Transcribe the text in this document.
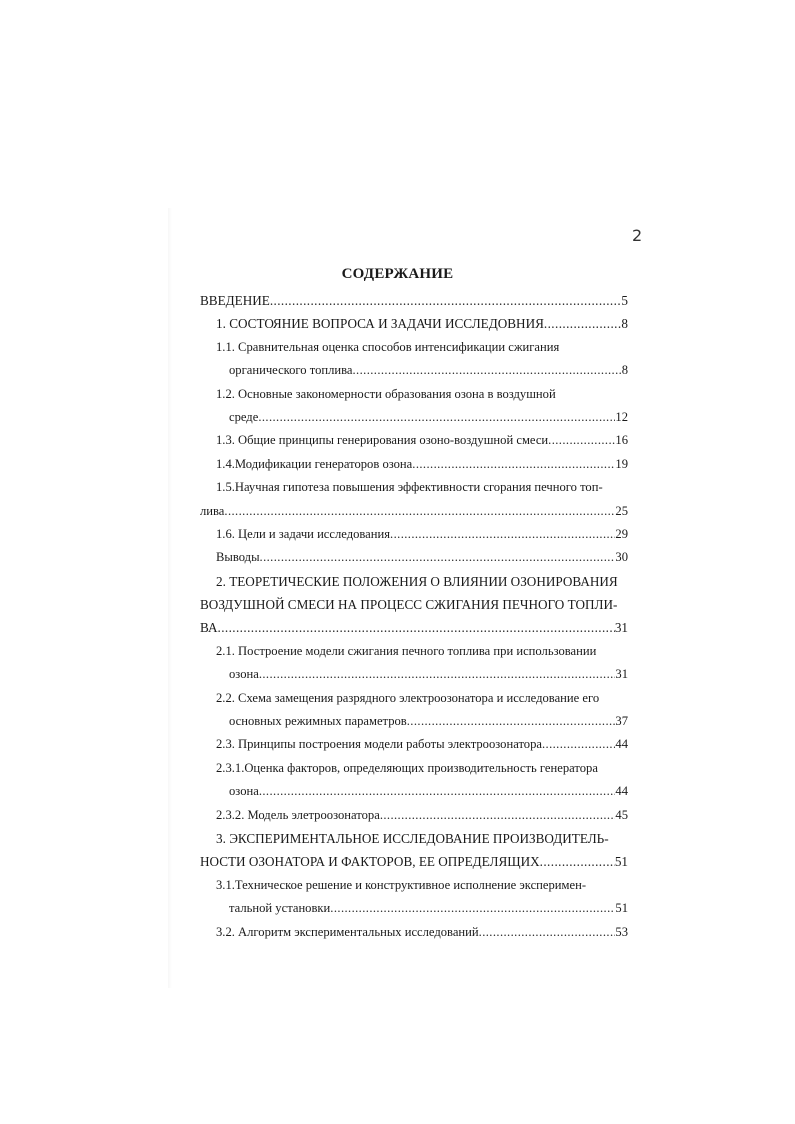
2
СОДЕРЖАНИЕ
ВВЕДЕНИЕ .....	5
1. СОСТОЯНИЕ ВОПРОСА И ЗАДАЧИ ИССЛЕДОВНИЯ .....	8
1.1. Сравнительная оценка способов интенсификации сжигания
органического топлива .....	8
1.2. Основные закономерности образования озона в воздушной
среде .....	12
1.3. Общие принципы генерирования озоно-воздушной смеси .....	16
1.4.Модификации генераторов озона .....	19
1.5.Научная гипотеза повышения эффективности сгорания печного топ-
лива .....	25
1.6. Цели и задачи исследования .....	29
Выводы .....	30
2. ТЕОРЕТИЧЕСКИЕ ПОЛОЖЕНИЯ О ВЛИЯНИИ ОЗОНИРОВАНИЯ
ВОЗДУШНОЙ СМЕСИ НА ПРОЦЕСС СЖИГАНИЯ ПЕЧНОГО ТОПЛИ-
ВА .....	31
2.1. Построение модели сжигания печного топлива при использовании
озона .....	31
2.2. Схема замещения разрядного электроозонатора и исследование его
основных режимных параметров .....	37
2.3. Принципы построения модели работы электроозонатора .....	44
2.3.1.Оценка факторов, определяющих производительность генератора
озона .....	44
2.3.2. Модель элетроозонатора .....	45
3. ЭКСПЕРИМЕНТАЛЬНОЕ ИССЛЕДОВАНИЕ ПРОИЗВОДИТЕЛЬ-
НОСТИ ОЗОНАТОРА И ФАКТОРОВ, ЕЕ ОПРЕДЕЛЯЩИХ .....	51
3.1.Техническое решение и конструктивное исполнение эксперимен-
тальной установки .....	51
3.2. Алгоритм экспериментальных исследований .....	53
